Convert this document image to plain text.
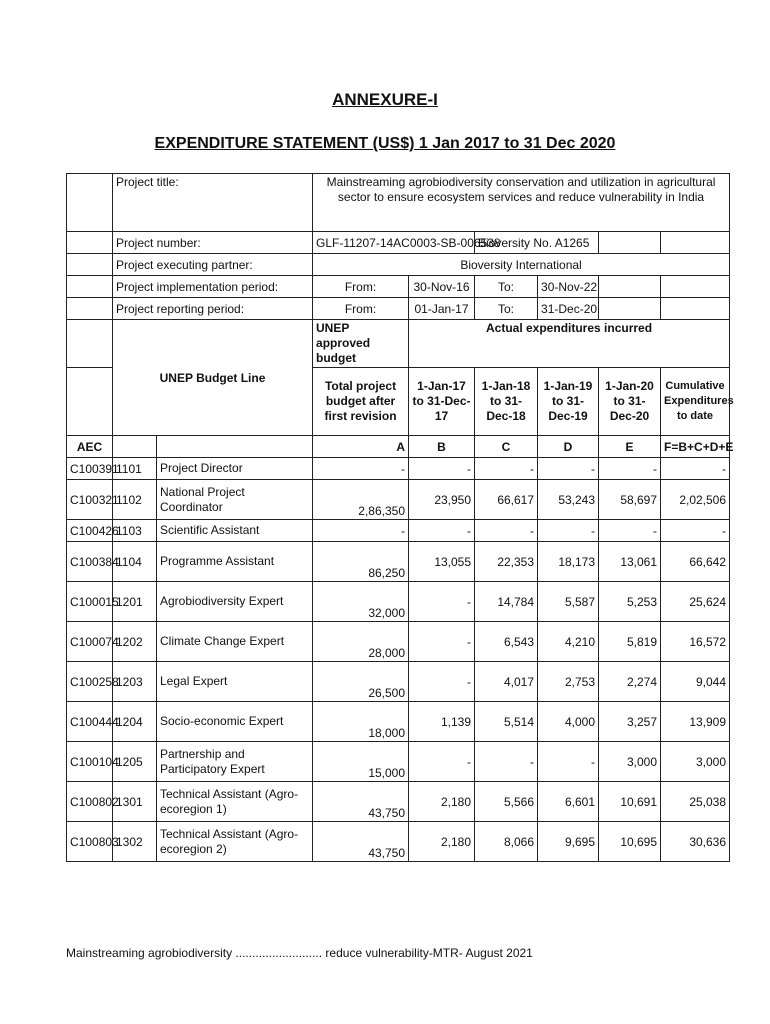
ANNEXURE-I
EXPENDITURE STATEMENT (US$) 1 Jan 2017 to 31 Dec 2020
	Project title:		Mainstreaming agrobiodiversity conservation and utilization in agricultural sector to ensure ecosystem services and reduce vulnerability in India					
	Project number:		GLF-11207-14AC0003-SB-006538		Bioversity No. A1265			
	Project executing partner:		Bioversity International					
	Project implementation period:		From:	30-Nov-16	To:	30-Nov-22		
	Project reporting period:		From:	01-Jan-17	To:	31-Dec-20		
	UNEP Budget Line		UNEP approved budget	Actual expenditures incurred				
			Total project budget after first revision	1-Jan-17 to 31-Dec-17	1-Jan-18 to 31-Dec-18	1-Jan-19 to 31-Dec-19	1-Jan-20 to 31-Dec-20	Cumulative Expenditures to date
AEC			A	B	C	D	E	F=B+C+D+E
C100391	1101	Project Director	-	-	-	-	-	-
C100321	1102	National Project Coordinator	2,86,350	23,950	66,617	53,243	58,697	2,02,506
C100426	1103	Scientific Assistant	-	-	-	-	-	-
C100384	1104	Programme Assistant	86,250	13,055	22,353	18,173	13,061	66,642
C100015	1201	Agrobiodiversity Expert	32,000	-	14,784	5,587	5,253	25,624
C100074	1202	Climate Change Expert	28,000	-	6,543	4,210	5,819	16,572
C100258	1203	Legal Expert	26,500	-	4,017	2,753	2,274	9,044
C100444	1204	Socio-economic Expert	18,000	1,139	5,514	4,000	3,257	13,909
C100104	1205	Partnership and Participatory Expert	15,000	-	-	-	3,000	3,000
C100802	1301	Technical Assistant (Agro-ecoregion 1)	43,750	2,180	5,566	6,601	10,691	25,038
C100803	1302	Technical Assistant (Agro-ecoregion 2)	43,750	2,180	8,066	9,695	10,695	30,636
Mainstreaming agrobiodiversity .......................... reduce vulnerability-MTR- August 2021
